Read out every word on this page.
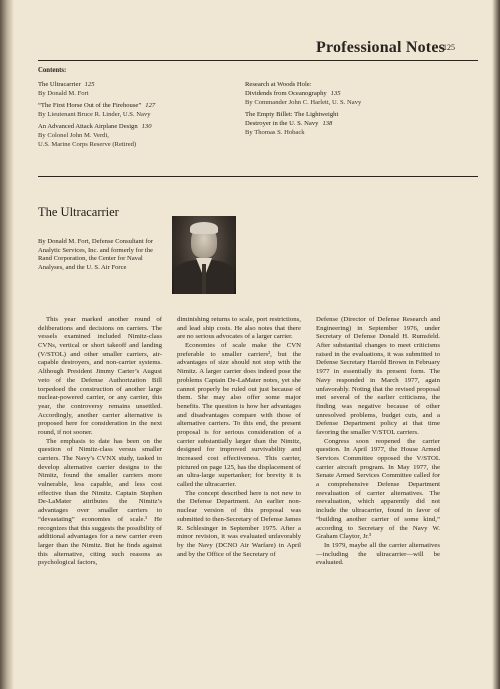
Professional Notes
125
Contents:
The Ultracarrier 125
By Donald M. Fort
“The First Horse Out of the Firehouse” 127
By Lieutenant Bruce R. Linder, U.S. Navy
An Advanced Attack Airplane Design 130
By Colonel John M. Verdi,
U.S. Marine Corps Reserve (Retired)
Research at Woods Hole:
Dividends from Oceanography 135
By Commander John C. Harlett, U. S. Navy
The Empty Billet: The Lightweight
Destroyer in the U. S. Navy 138
By Thomas S. Hoback
The Ultracarrier
By Donald M. Fort, Defense Consultant for Analytic Services, Inc. and formerly for the Rand Corporation, the Center for Naval Analyses, and the U. S. Air Force

This year marked another round of deliberations and decisions on carriers. The vessels examined included Nimitz-class CVNs, vertical or short takeoff and landing (V/STOL) and other smaller carriers, air-capable destroyers, and non-carrier systems. Although President Jimmy Carter’s August veto of the Defense Authorization Bill torpedoed the construction of another large nuclear-powered carrier, or any carrier, this year, the controversy remains unsettled. Accordingly, another carrier alternative is proposed here for consideration in the next round, if not sooner.

The emphasis to date has been on the question of Nimitz-class versus smaller carriers. The Navy’s CVNX study, tasked to develop alternative carrier designs to the Nimitz, found the smaller carriers more vulnerable, less capable, and less cost effective than the Nimitz. Captain Stephen De-LaMater attributes the Nimitz’s advantages over smaller carriers to “devastating” economies of scale.¹ He recognizes that this suggests the possibility of additional advantages for a new carrier even larger than the Nimitz. But he finds against this alternative, citing such reasons as psychological factors,

diminishing returns to scale, port restrictions, and lead ship costs. He also notes that there are no serious advocates of a larger carrier.

Economies of scale make the CVN preferable to smaller carriers², but the advantages of size should not stop with the Nimitz. A larger carrier does indeed pose the problems Captain De-LaMater notes, yet she cannot properly be ruled out just because of them. She may also offer some major benefits. The question is how her advantages and disadvantages compare with those of alternative carriers. To this end, the present proposal is for serious consideration of a carrier substantially larger than the Nimitz, designed for improved survivability and increased cost effectiveness. This carrier, pictured on page 125, has the displacement of an ultra-large supertanker; for brevity it is called the ultracarrier.

The concept described here is not new to the Defense Department. An earlier non-nuclear version of this proposal was submitted to then-Secretary of Defense James R. Schlesinger in September 1975. After a minor revision, it was evaluated unfavorably by the Navy (DCNO Air Warfare) in April and by the Office of the Secretary of

Defense (Director of Defense Research and Engineering) in September 1976, under Secretary of Defense Donald H. Rumsfeld. After substantial changes to meet criticisms raised in the evaluations, it was submitted to Defense Secretary Harold Brown in February 1977 in essentially its present form. The Navy responded in March 1977, again unfavorably. Noting that the revised proposal met several of the earlier criticisms, the finding was negative because of other unresolved problems, budget cuts, and a Defense Department policy at that time favoring the smaller V/STOL carriers.

Congress soon reopened the carrier question. In April 1977, the House Armed Services Committee opposed the V/STOL carrier aircraft program. In May 1977, the Senate Armed Services Committee called for a comprehensive Defense Department reevaluation of carrier alternatives. The reevaluation, which apparently did not include the ultracarrier, found in favor of “building another carrier of some kind,” according to Secretary of the Navy W. Graham Claytor, Jr.³

In 1979, maybe all the carrier alternatives—including the ultracarrier—will be evaluated.
